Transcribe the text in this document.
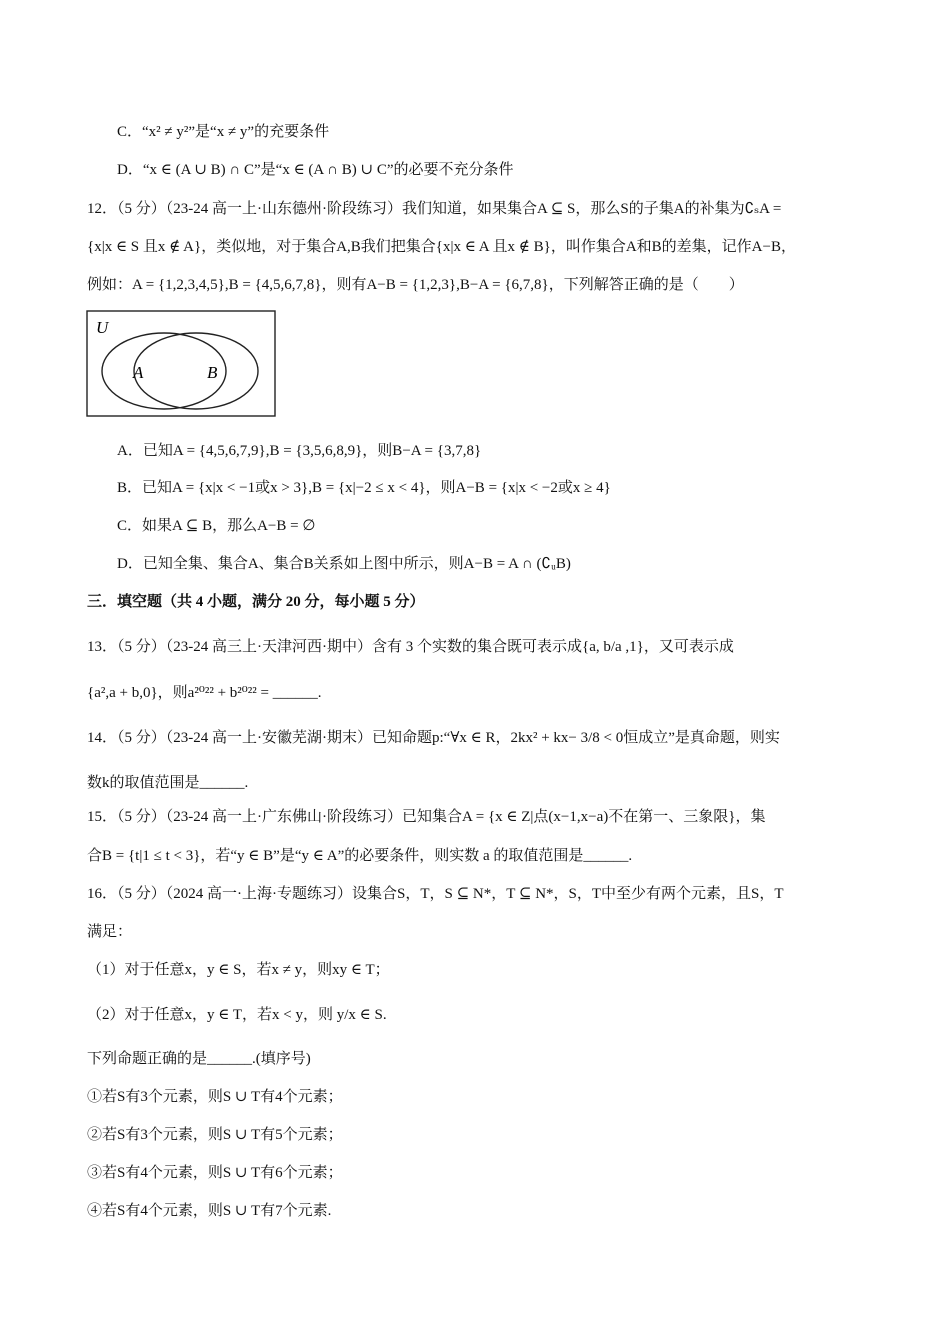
C．“x² ≠ y²”是“x ≠ y”的充要条件
D．“x ∈ (A ∪ B) ∩ C”是“x ∈ (A ∩ B) ∪ C”的必要不充分条件
12．（5 分）（23-24 高一上·山东德州·阶段练习）我们知道，如果集合A ⊆ S，那么S的子集A的补集为∁ₛA =
{x|x ∈ S 且x ∉ A}，类似地，对于集合A,B我们把集合{x|x ∈ A 且x ∉ B}，叫作集合A和B的差集，记作A−B，
例如：A = {1,2,3,4,5},B = {4,5,6,7,8}，则有A−B = {1,2,3},B−A = {6,7,8}，下列解答正确的是（　　）
A．已知A = {4,5,6,7,9},B = {3,5,6,8,9}，则B−A = {3,7,8}
B．已知A = {x|x < −1或x > 3},B = {x|−2 ≤ x < 4}，则A−B = {x|x < −2或x ≥ 4}
C．如果A ⊆ B，那么A−B = ∅
D．已知全集、集合A、集合B关系如上图中所示，则A−B = A ∩ (∁ᵤB)
三．填空题（共 4 小题，满分 20 分，每小题 5 分）
13．（5 分）（23-24 高三上·天津河西·期中）含有 3 个实数的集合既可表示成{a, b/a ,1}，又可表示成
{a²,a + b,0}，则a²⁰²² + b²⁰²² = ______.
14．（5 分）（23-24 高一上·安徽芜湖·期末）已知命题p:“∀x ∈ R，2kx² + kx− 3/8 < 0恒成立”是真命题，则实
数k的取值范围是______.
15．（5 分）（23-24 高一上·广东佛山·阶段练习）已知集合A = {x ∈ Z|点(x−1,x−a)不在第一、三象限}，集
合B = {t|1 ≤ t < 3}，若“y ∈ B”是“y ∈ A”的必要条件，则实数 a 的取值范围是______.
16．（5 分）（2024 高一·上海·专题练习）设集合S，T，S ⊆ N*，T ⊆ N*，S，T中至少有两个元素，且S，T
满足：
（1）对于任意x，y ∈ S，若x ≠ y，则xy ∈ T；
（2）对于任意x，y ∈ T，若x < y，则 y/x ∈ S.
下列命题正确的是______.(填序号)
①若S有3个元素，则S ∪ T有4个元素；
②若S有3个元素，则S ∪ T有5个元素；
③若S有4个元素，则S ∪ T有6个元素；
④若S有4个元素，则S ∪ T有7个元素.
U
A	B
